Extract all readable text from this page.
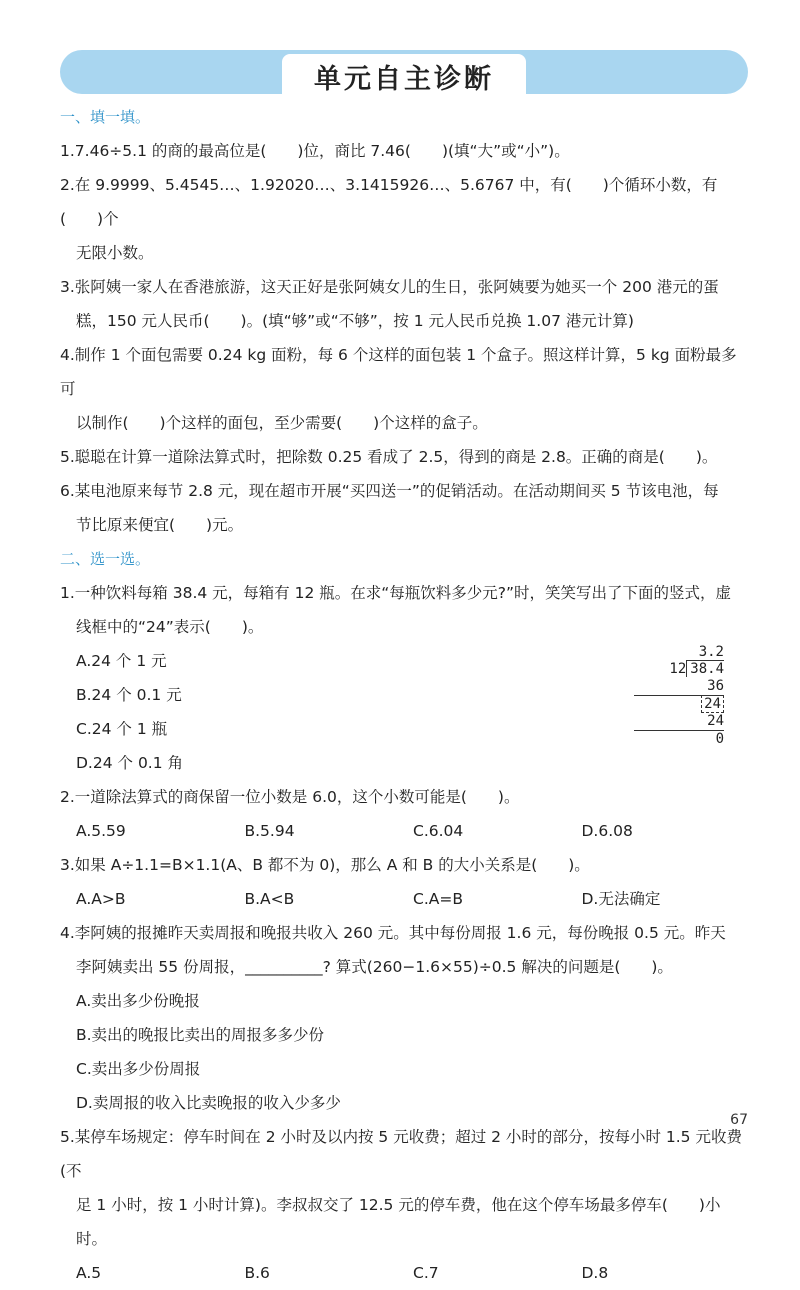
单元自主诊断
一、填一填。
1.7.46÷5.1 的商的最高位是(　　)位，商比 7.46(　　)(填“大”或“小”)。
2.在 9.9999、5.4545…、1.92020…、3.1415926…、5.6767 中，有(　　)个循环小数，有(　　)个
无限小数。
3.张阿姨一家人在香港旅游，这天正好是张阿姨女儿的生日，张阿姨要为她买一个 200 港元的蛋
糕，150 元人民币(　　)。(填“够”或“不够”，按 1 元人民币兑换 1.07 港元计算)
4.制作 1 个面包需要 0.24 kg 面粉，每 6 个这样的面包装 1 个盒子。照这样计算，5 kg 面粉最多可
以制作(　　)个这样的面包，至少需要(　　)个这样的盒子。
5.聪聪在计算一道除法算式时，把除数 0.25 看成了 2.5，得到的商是 2.8。正确的商是(　　)。
6.某电池原来每节 2.8 元，现在超市开展“买四送一”的促销活动。在活动期间买 5 节该电池，每
节比原来便宜(　　)元。
二、选一选。
1.一种饮料每箱 38.4 元，每箱有 12 瓶。在求“每瓶饮料多少元?”时，笑笑写出了下面的竖式，虚
线框中的“24”表示(　　)。
A.24 个 1 元
B.24 个 0.1 元
C.24 个 1 瓶
D.24 个 0.1 角
3.2
12 38.4
36
24
24
0
2.一道除法算式的商保留一位小数是 6.0，这个小数可能是(　　)。
A.5.59	B.5.94	C.6.04	D.6.08
3.如果 A÷1.1=B×1.1(A、B 都不为 0)，那么 A 和 B 的大小关系是(　　)。
A.A>B	B.A<B	C.A=B	D.无法确定
4.李阿姨的报摊昨天卖周报和晚报共收入 260 元。其中每份周报 1.6 元，每份晚报 0.5 元。昨天
李阿姨卖出 55 份周报，__________? 算式(260−1.6×55)÷0.5 解决的问题是(　　)。
A.卖出多少份晚报
B.卖出的晚报比卖出的周报多多少份
C.卖出多少份周报
D.卖周报的收入比卖晚报的收入少多少
5.某停车场规定：停车时间在 2 小时及以内按 5 元收费；超过 2 小时的部分，按每小时 1.5 元收费(不
足 1 小时，按 1 小时计算)。李叔叔交了 12.5 元的停车费，他在这个停车场最多停车(　　)小时。
A.5	B.6	C.7	D.8
67
